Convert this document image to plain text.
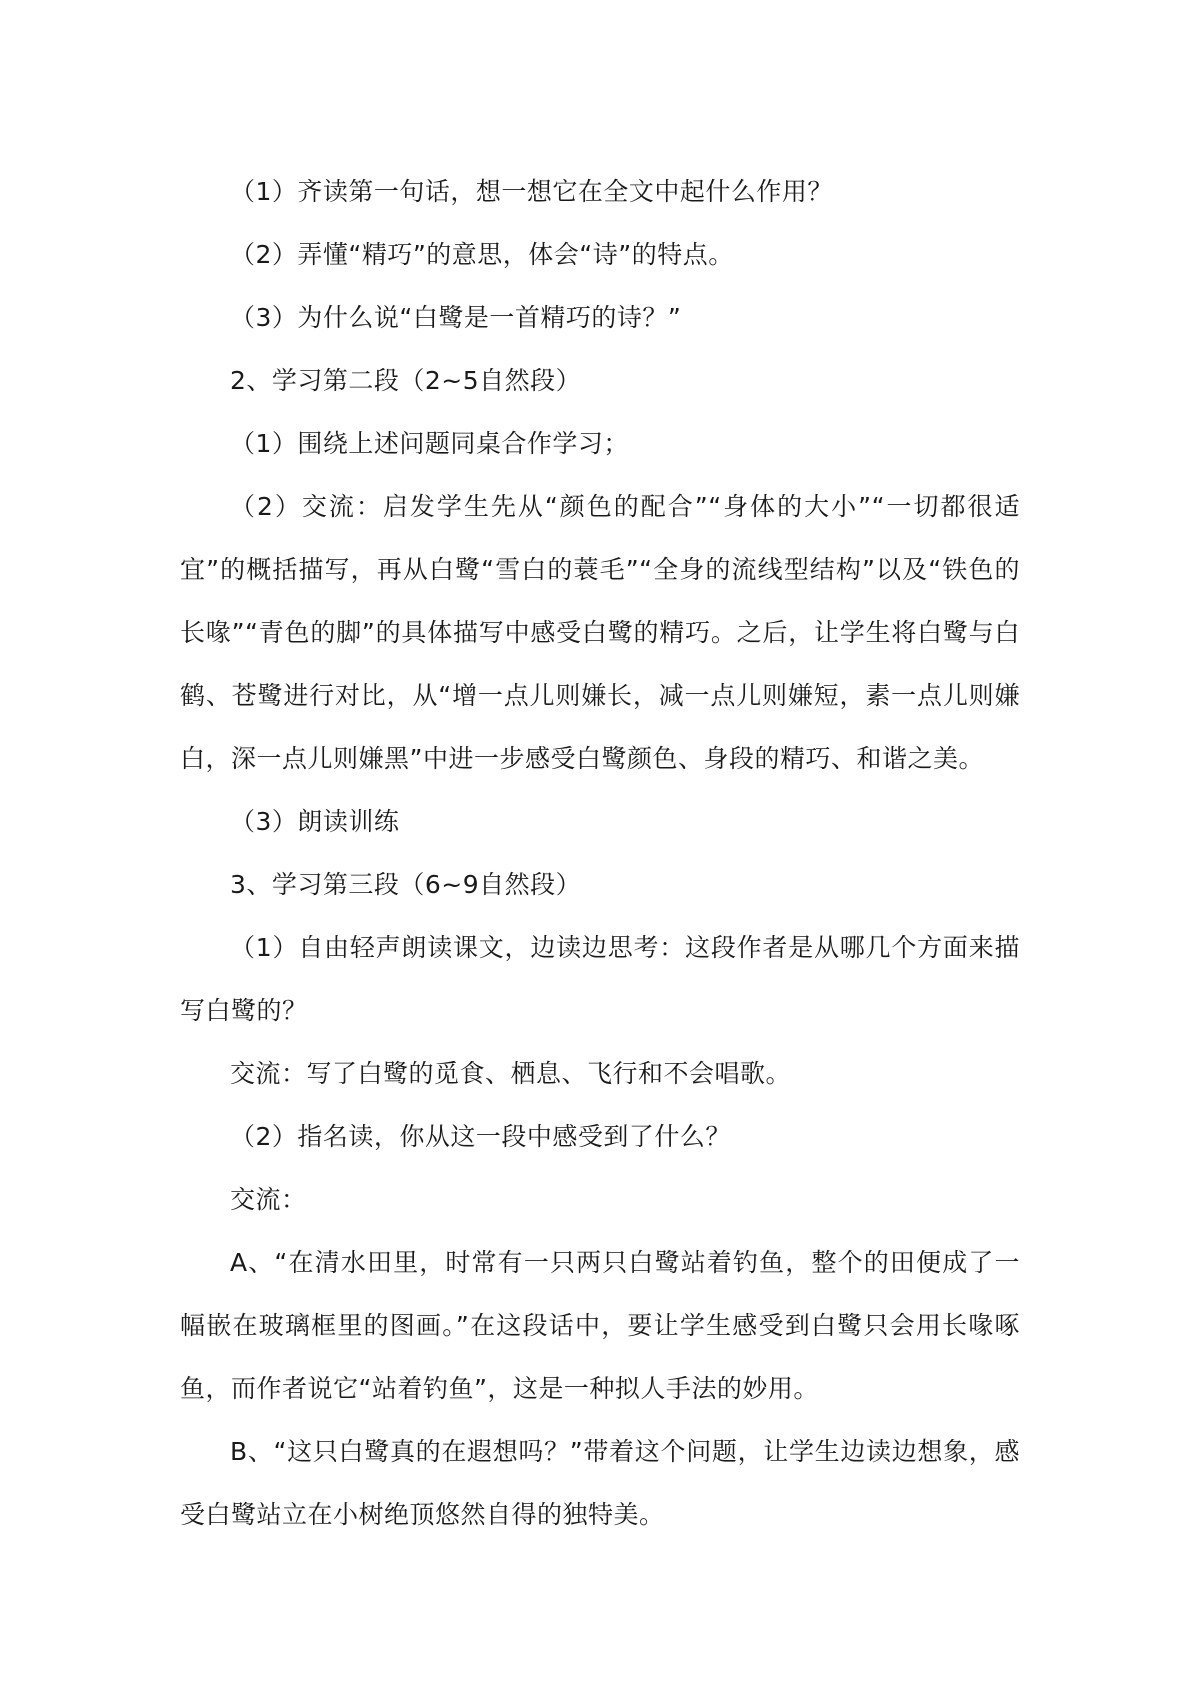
（1）齐读第一句话，想一想它在全文中起什么作用？

（2）弄懂“精巧”的意思，体会“诗”的特点。

（3）为什么说“白鹭是一首精巧的诗？”

2、学习第二段（2~5自然段）

（1）围绕上述问题同桌合作学习；

（2）交流：启发学生先从“颜色的配合”“身体的大小”“一切都很适宜”的概括描写，再从白鹭“雪白的蓑毛”“全身的流线型结构”以及“铁色的长喙”“青色的脚”的具体描写中感受白鹭的精巧。之后，让学生将白鹭与白鹤、苍鹭进行对比，从“增一点儿则嫌长，减一点儿则嫌短，素一点儿则嫌白，深一点儿则嫌黑”中进一步感受白鹭颜色、身段的精巧、和谐之美。

（3）朗读训练

3、学习第三段（6~9自然段）

（1）自由轻声朗读课文，边读边思考：这段作者是从哪几个方面来描写白鹭的？

交流：写了白鹭的觅食、栖息、飞行和不会唱歌。

（2）指名读，你从这一段中感受到了什么？

交流：

A、“在清水田里，时常有一只两只白鹭站着钓鱼，整个的田便成了一幅嵌在玻璃框里的图画。”在这段话中，要让学生感受到白鹭只会用长喙啄鱼，而作者说它“站着钓鱼”，这是一种拟人手法的妙用。

B、“这只白鹭真的在遐想吗？”带着这个问题，让学生边读边想象，感受白鹭站立在小树绝顶悠然自得的独特美。
